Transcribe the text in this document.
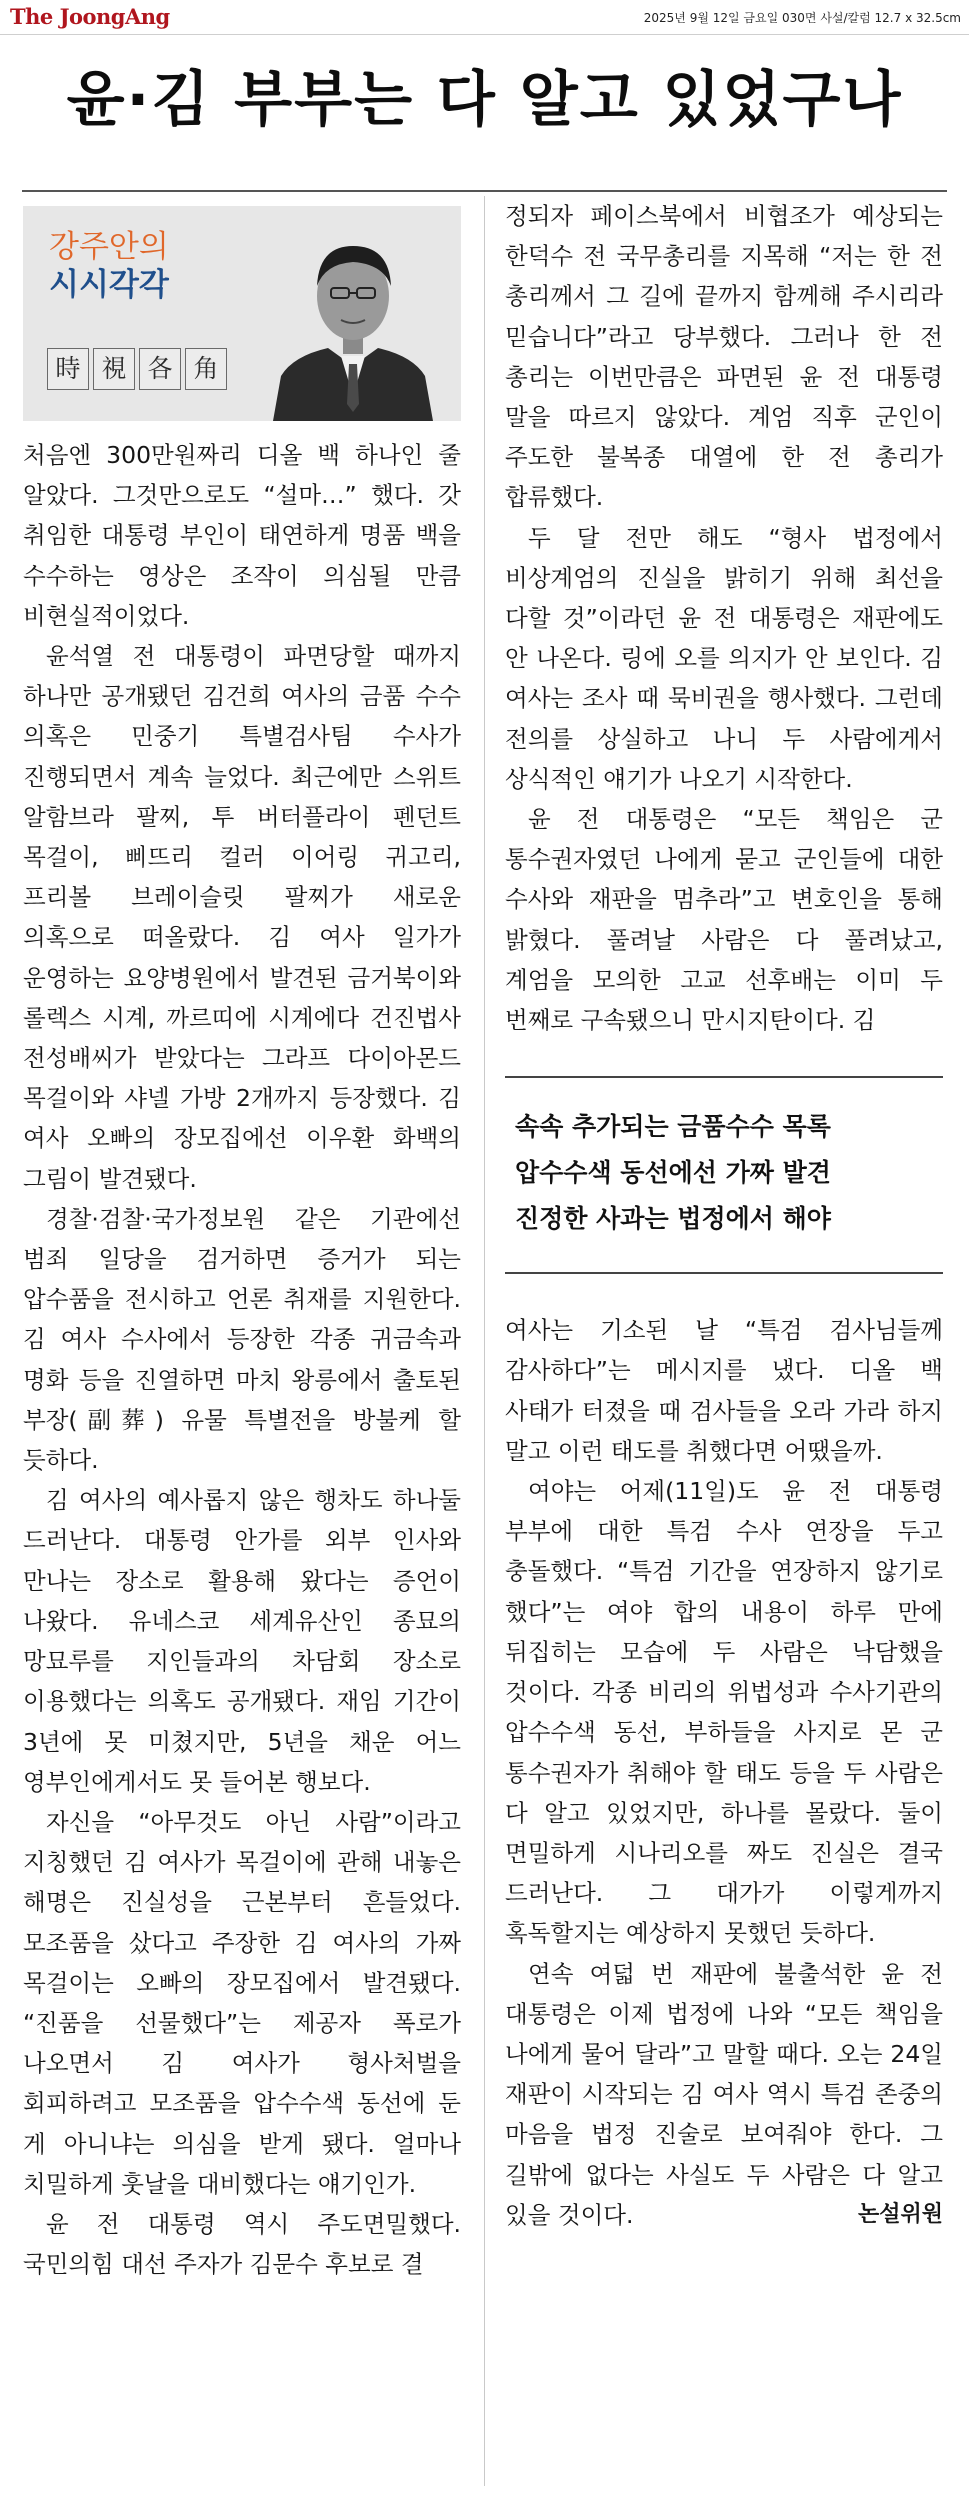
The JoongAng	2025년 9월 12일 금요일 030면 사설/칼럼 12.7 x 32.5cm
윤·김 부부는 다 알고 있었구나
강주안의
시시각각
時 視 各 角

처음엔 300만원짜리 디올 백 하나인 줄 알았다. 그것만으로도 “설마…” 했다. 갓 취임한 대통령 부인이 태연하게 명품 백을 수수하는 영상은 조작이 의심될 만큼 비현실적이었다.

윤석열 전 대통령이 파면당할 때까지 하나만 공개됐던 김건희 여사의 금품 수수 의혹은 민중기 특별검사팀 수사가 진행되면서 계속 늘었다. 최근에만 스위트 알함브라 팔찌, 투 버터플라이 펜던트 목걸이, 삐뜨리 컬러 이어링 귀고리, 프리볼 브레이슬릿 팔찌가 새로운 의혹으로 떠올랐다. 김 여사 일가가 운영하는 요양병원에서 발견된 금거북이와 롤렉스 시계, 까르띠에 시계에다 건진법사 전성배씨가 받았다는 그라프 다이아몬드 목걸이와 샤넬 가방 2개까지 등장했다. 김 여사 오빠의 장모집에선 이우환 화백의 그림이 발견됐다.

경찰·검찰·국가정보원 같은 기관에선 범죄 일당을 검거하면 증거가 되는 압수품을 전시하고 언론 취재를 지원한다. 김 여사 수사에서 등장한 각종 귀금속과 명화 등을 진열하면 마치 왕릉에서 출토된 부장(副葬) 유물 특별전을 방불케 할 듯하다.

김 여사의 예사롭지 않은 행차도 하나둘 드러난다. 대통령 안가를 외부 인사와 만나는 장소로 활용해 왔다는 증언이 나왔다. 유네스코 세계유산인 종묘의 망묘루를 지인들과의 차담회 장소로 이용했다는 의혹도 공개됐다. 재임 기간이 3년에 못 미쳤지만, 5년을 채운 어느 영부인에게서도 못 들어본 행보다.

자신을 “아무것도 아닌 사람”이라고 지칭했던 김 여사가 목걸이에 관해 내놓은 해명은 진실성을 근본부터 흔들었다. 모조품을 샀다고 주장한 김 여사의 가짜 목걸이는 오빠의 장모집에서 발견됐다. “진품을 선물했다”는 제공자 폭로가 나오면서 김 여사가 형사처벌을 회피하려고 모조품을 압수수색 동선에 둔 게 아니냐는 의심을 받게 됐다. 얼마나 치밀하게 훗날을 대비했다는 얘기인가.

윤 전 대통령 역시 주도면밀했다. 국민의힘 대선 주자가 김문수 후보로 결

정되자 페이스북에서 비협조가 예상되는 한덕수 전 국무총리를 지목해 “저는 한 전 총리께서 그 길에 끝까지 함께해 주시리라 믿습니다”라고 당부했다. 그러나 한 전 총리는 이번만큼은 파면된 윤 전 대통령 말을 따르지 않았다. 계엄 직후 군인이 주도한 불복종 대열에 한 전 총리가 합류했다.

두 달 전만 해도 “형사 법정에서 비상계엄의 진실을 밝히기 위해 최선을 다할 것”이라던 윤 전 대통령은 재판에도 안 나온다. 링에 오를 의지가 안 보인다. 김 여사는 조사 때 묵비권을 행사했다. 그런데 전의를 상실하고 나니 두 사람에게서 상식적인 얘기가 나오기 시작한다.

윤 전 대통령은 “모든 책임은 군 통수권자였던 나에게 묻고 군인들에 대한 수사와 재판을 멈추라”고 변호인을 통해 밝혔다. 풀려날 사람은 다 풀려났고, 계엄을 모의한 고교 선후배는 이미 두 번째로 구속됐으니 만시지탄이다. 김

속속 추가되는 금품수수 목록

압수수색 동선에선 가짜 발견

진정한 사과는 법정에서 해야

여사는 기소된 날 “특검 검사님들께 감사하다”는 메시지를 냈다. 디올 백 사태가 터졌을 때 검사들을 오라 가라 하지 말고 이런 태도를 취했다면 어땠을까.

여야는 어제(11일)도 윤 전 대통령 부부에 대한 특검 수사 연장을 두고 충돌했다. “특검 기간을 연장하지 않기로 했다”는 여야 합의 내용이 하루 만에 뒤집히는 모습에 두 사람은 낙담했을 것이다. 각종 비리의 위법성과 수사기관의 압수수색 동선, 부하들을 사지로 몬 군 통수권자가 취해야 할 태도 등을 두 사람은 다 알고 있었지만, 하나를 몰랐다. 둘이 면밀하게 시나리오를 짜도 진실은 결국 드러난다. 그 대가가 이렇게까지 혹독할지는 예상하지 못했던 듯하다.

연속 여덟 번 재판에 불출석한 윤 전 대통령은 이제 법정에 나와 “모든 책임을 나에게 물어 달라”고 말할 때다. 오는 24일 재판이 시작되는 김 여사 역시 특검 존중의 마음을 법정 진술로 보여줘야 한다. 그 길밖에 없다는 사실도 두 사람은 다 알고 있을 것이다.	논설위원
